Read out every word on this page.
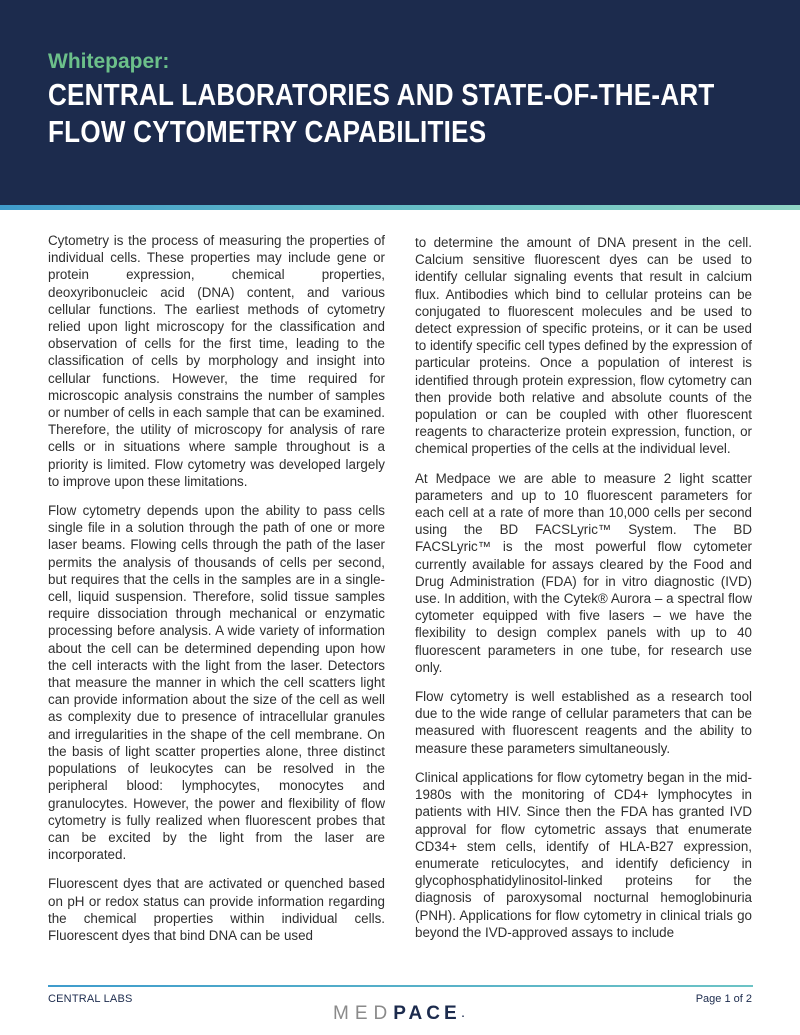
Whitepaper:

CENTRAL LABORATORIES AND STATE-OF-THE-ART
FLOW CYTOMETRY CAPABILITIES

Cytometry is the process of measuring the properties of individual cells. These properties may include gene or protein expression, chemical properties, deoxyribonucleic acid (DNA) content, and various cellular functions. The earliest methods of cytometry relied upon light microscopy for the classification and observation of cells for the first time, leading to the classification of cells by morphology and insight into cellular functions. However, the time required for microscopic analysis constrains the number of samples or number of cells in each sample that can be examined. Therefore, the utility of microscopy for analysis of rare cells or in situations where sample throughout is a priority is limited. Flow cytometry was developed largely to improve upon these limitations.

Flow cytometry depends upon the ability to pass cells single file in a solution through the path of one or more laser beams. Flowing cells through the path of the laser permits the analysis of thousands of cells per second, but requires that the cells in the samples are in a single-cell, liquid suspension. Therefore, solid tissue samples require dissociation through mechanical or enzymatic processing before analysis. A wide variety of information about the cell can be determined depending upon how the cell interacts with the light from the laser. Detectors that measure the manner in which the cell scatters light can provide information about the size of the cell as well as complexity due to presence of intracellular granules and irregularities in the shape of the cell membrane. On the basis of light scatter properties alone, three distinct populations of leukocytes can be resolved in the peripheral blood: lymphocytes, monocytes and granulocytes. However, the power and flexibility of flow cytometry is fully realized when fluorescent probes that can be excited by the light from the laser are incorporated.

Fluorescent dyes that are activated or quenched based on pH or redox status can provide information regarding the chemical properties within individual cells. Fluorescent dyes that bind DNA can be used

to determine the amount of DNA present in the cell. Calcium sensitive fluorescent dyes can be used to identify cellular signaling events that result in calcium flux. Antibodies which bind to cellular proteins can be conjugated to fluorescent molecules and be used to detect expression of specific proteins, or it can be used to identify specific cell types defined by the expression of particular proteins. Once a population of interest is identified through protein expression, flow cytometry can then provide both relative and absolute counts of the population or can be coupled with other fluorescent reagents to characterize protein expression, function, or chemical properties of the cells at the individual level.

At Medpace we are able to measure 2 light scatter parameters and up to 10 fluorescent parameters for each cell at a rate of more than 10,000 cells per second using the BD FACSLyric™ System. The BD FACSLyric™ is the most powerful flow cytometer currently available for assays cleared by the Food and Drug Administration (FDA) for in vitro diagnostic (IVD) use. In addition, with the Cytek® Aurora – a spectral flow cytometer equipped with five lasers – we have the flexibility to design complex panels with up to 40 fluorescent parameters in one tube, for research use only.

Flow cytometry is well established as a research tool due to the wide range of cellular parameters that can be measured with fluorescent reagents and the ability to measure these parameters simultaneously.

Clinical applications for flow cytometry began in the mid-1980s with the monitoring of CD4+ lymphocytes in patients with HIV. Since then the FDA has granted IVD approval for flow cytometric assays that enumerate CD34+ stem cells, identify of HLA-B27 expression, enumerate reticulocytes, and identify deficiency in glycophosphatidylinositol-linked proteins for the diagnosis of paroxysomal nocturnal hemoglobinuria (PNH). Applications for flow cytometry in clinical trials go beyond the IVD-approved assays to include

CENTRAL LABS	Page 1 of 2
MED PACE .
